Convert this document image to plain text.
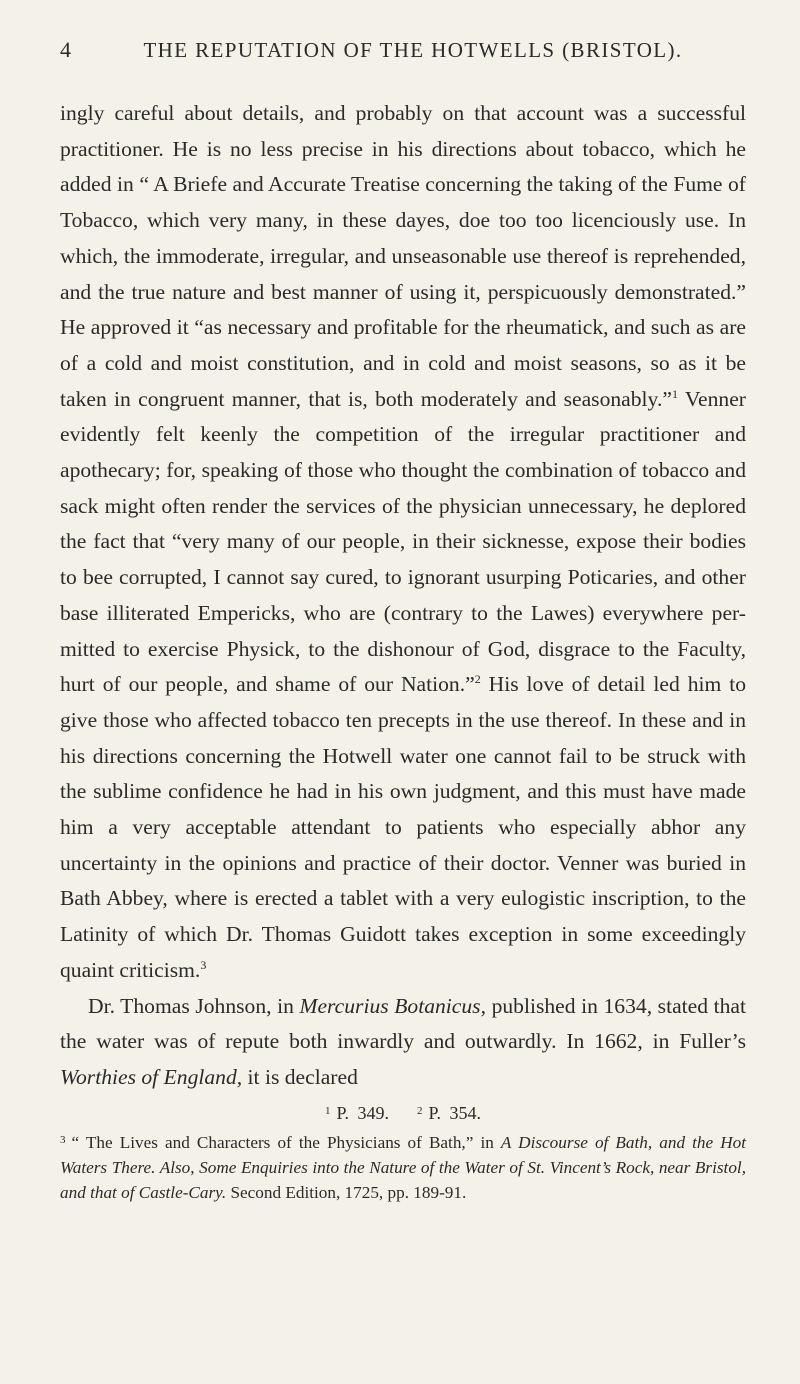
4	THE REPUTATION OF THE HOTWELLS (BRISTOL).

ingly careful about details, and probably on that account was a successful practitioner. He is no less precise in his directions about tobacco, which he added in “ A Briefe and Accurate Treatise concerning the taking of the Fume of Tobacco, which very many, in these dayes, doe too too licenciously use. In which, the immoderate, irregular, and unseasonable use thereof is reprehended, and the true nature and best manner of using it, perspicuously demonstrated.” He approved it “as necessary and profitable for the rheumatick, and such as are of a cold and moist constitution, and in cold and moist seasons, so as it be taken in congruent manner, that is, both moderately and seasonably.”$^1$ Venner evidently felt keenly the competition of the irregular practitioner and apothecary; for, speaking of those who thought the combination of tobacco and sack might often render the services of the physician unnecessary, he deplored the fact that “very many of our people, in their sicknesse, expose their bodies to bee corrupted, I cannot say cured, to ignorant usurping Poticaries, and other base illiterated Empericks, who are (contrary to the Lawes) everywhere per- mitted to exercise Physick, to the dishonour of God, disgrace to the Faculty, hurt of our people, and shame of our Nation.”$^2$ His love of detail led him to give those who affected tobacco ten precepts in the use thereof. In these and in his directions concerning the Hotwell water one cannot fail to be struck with the sublime confidence he had in his own judgment, and this must have made him a very acceptable attendant to patients who especially abhor any uncertainty in the opinions and practice of their doctor. Venner was buried in Bath Abbey, where is erected a tablet with a very eulogistic inscription, to the Latinity of which Dr. Thomas Guidott takes exception in some exceedingly quaint criticism.$^3$

Dr. Thomas Johnson, in Mercurius Botanicus, published in 1634, stated that the water was of repute both inwardly and outwardly. In 1662, in Fuller’s Worthies of England, it is declared

$^1$ P. 349.	$^2$ P. 354.
$^3$ “ The Lives and Characters of the Physicians of Bath,” in A Discourse of Bath, and the Hot Waters There. Also, Some Enquiries into the Nature of the Water of St. Vincent’s Rock, near Bristol, and that of Castle-Cary. Second Edition, 1725, pp. 189-91.
